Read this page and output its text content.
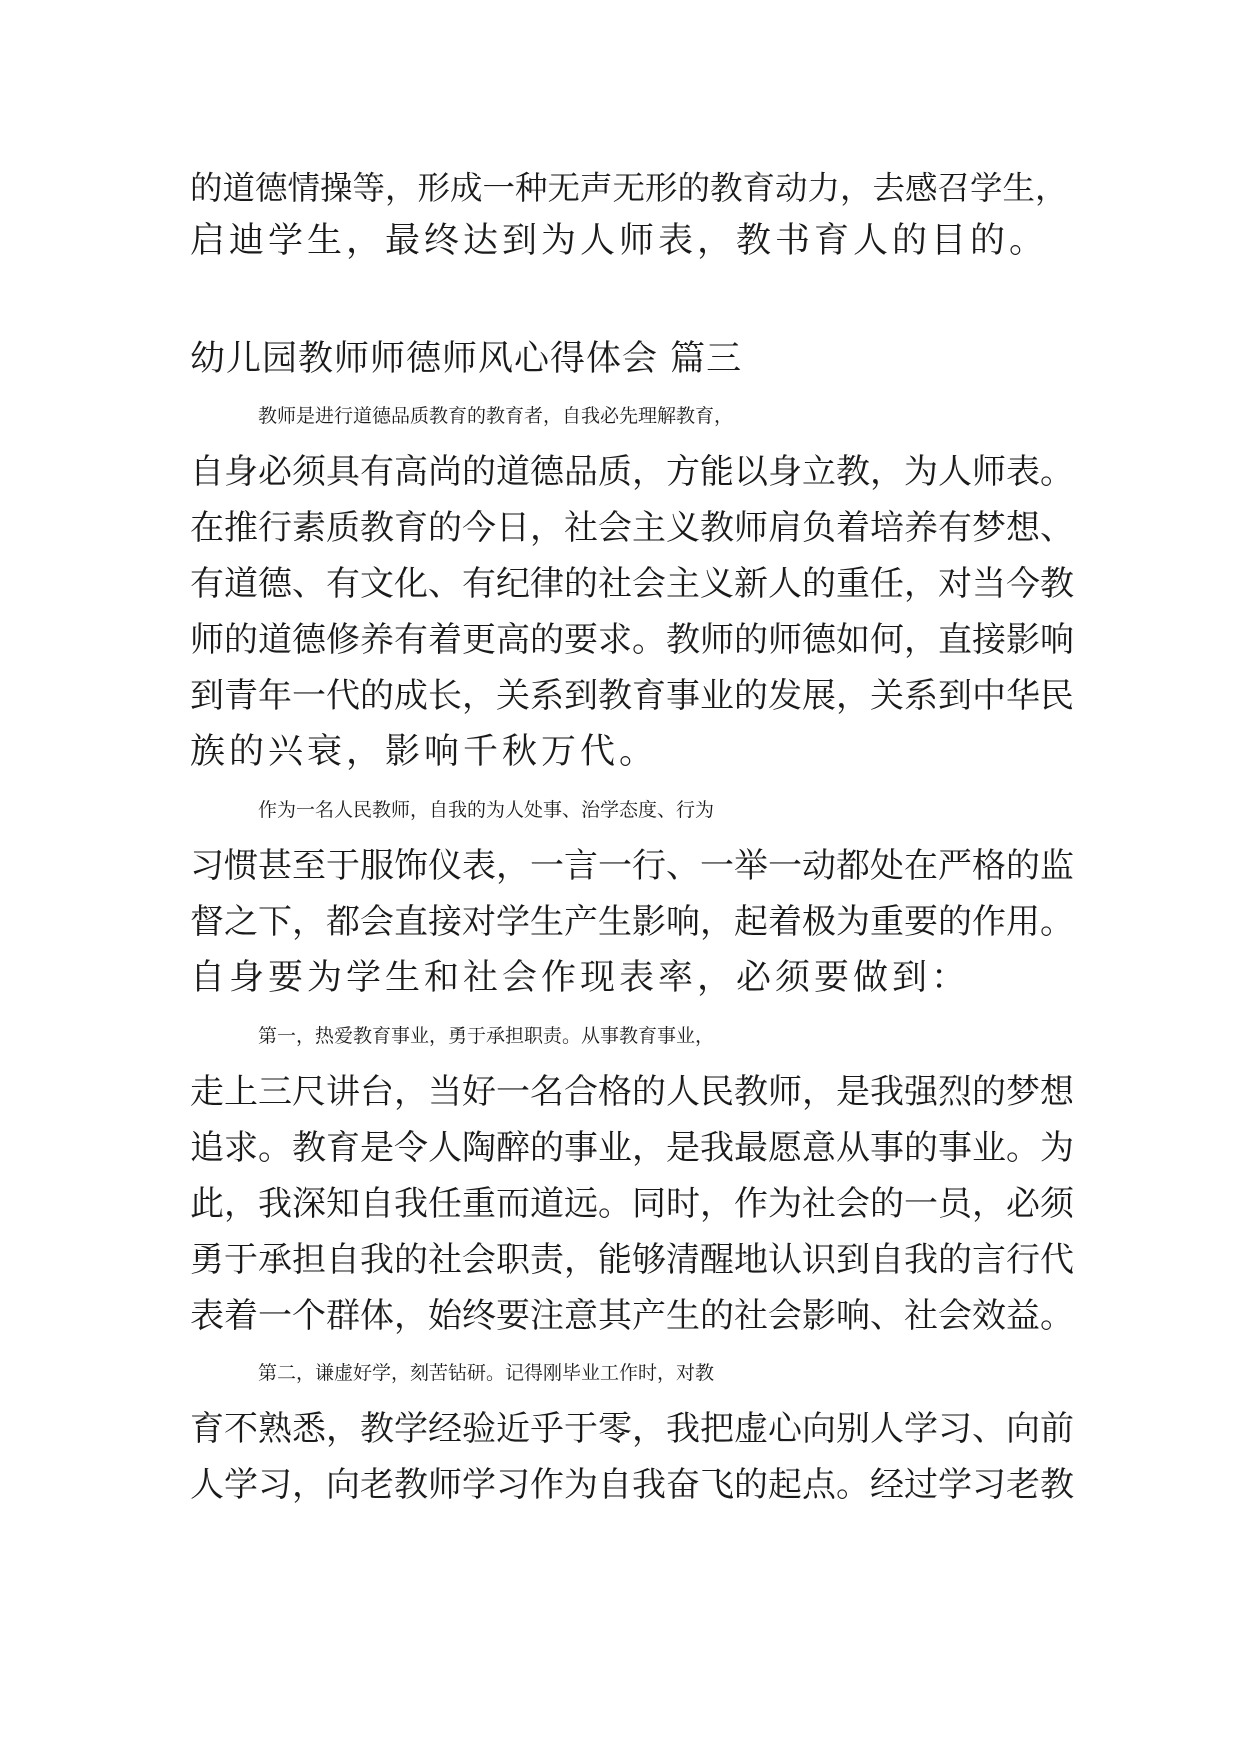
的道德情操等，形成一种无声无形的教育动力，去感召学生，
启迪学生，最终达到为人师表，教书育人的目的。
幼儿园教师师德师风心得体会 篇三
教师是进行道德品质教育的教育者，自我必先理解教育，
自身必须具有高尚的道德品质，方能以身立教，为人师表。
在推行素质教育的今日，社会主义教师肩负着培养有梦想、
有道德、有文化、有纪律的社会主义新人的重任，对当今教
师的道德修养有着更高的要求。教师的师德如何，直接影响
到青年一代的成长，关系到教育事业的发展，关系到中华民
族的兴衰，影响千秋万代。
作为一名人民教师，自我的为人处事、治学态度、行为
习惯甚至于服饰仪表，一言一行、一举一动都处在严格的监
督之下，都会直接对学生产生影响，起着极为重要的作用。
自身要为学生和社会作现表率，必须要做到：
第一，热爱教育事业，勇于承担职责。从事教育事业，
走上三尺讲台，当好一名合格的人民教师，是我强烈的梦想
追求。教育是令人陶醉的事业，是我最愿意从事的事业。为
此，我深知自我任重而道远。同时，作为社会的一员，必须
勇于承担自我的社会职责，能够清醒地认识到自我的言行代
表着一个群体，始终要注意其产生的社会影响、社会效益。
第二，谦虚好学，刻苦钻研。记得刚毕业工作时，对教
育不熟悉，教学经验近乎于零，我把虚心向别人学习、向前
人学习，向老教师学习作为自我奋飞的起点。经过学习老教
